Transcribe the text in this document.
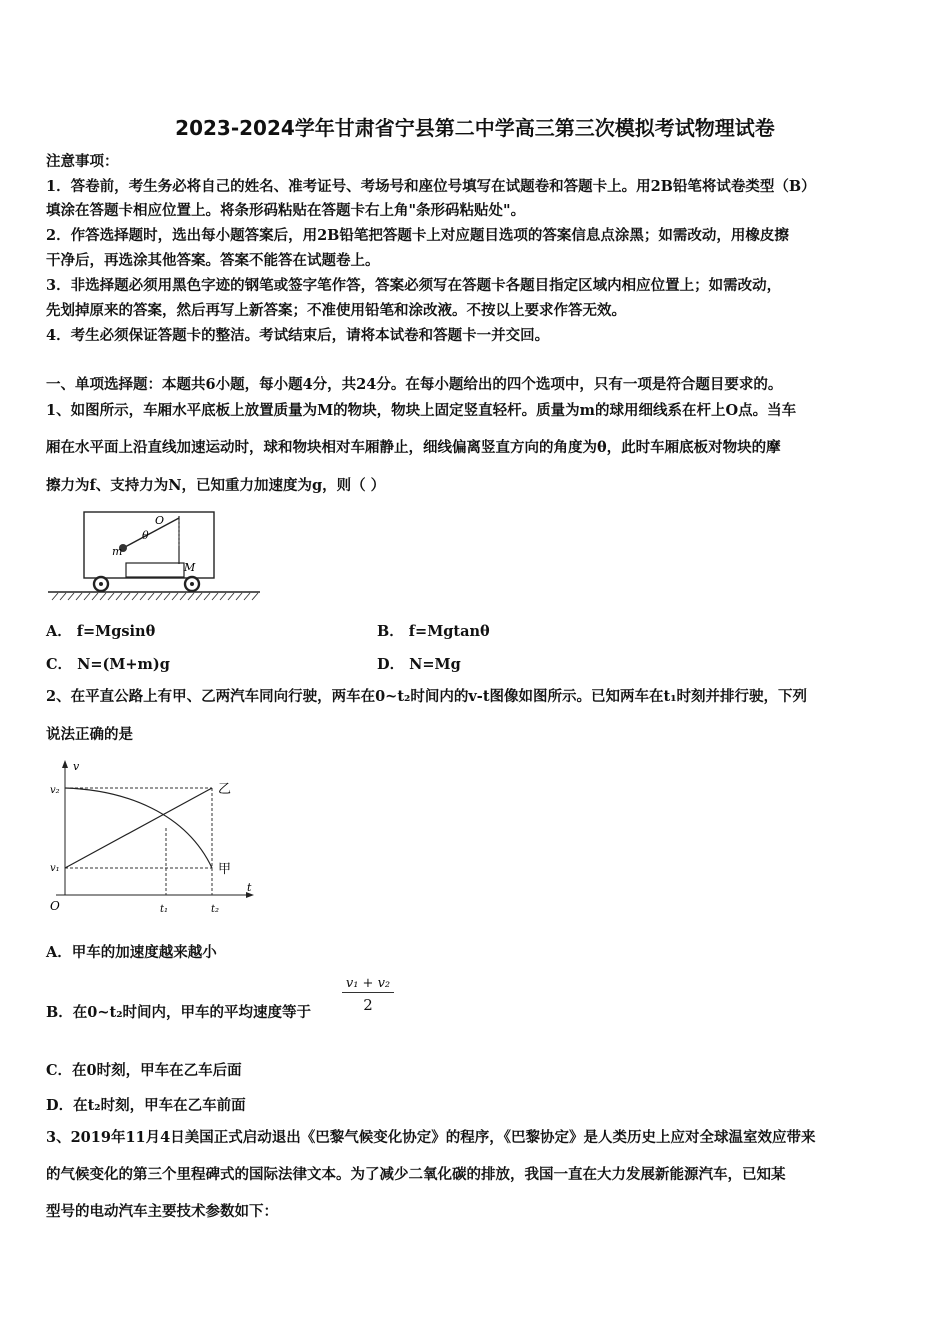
2023-2024学年甘肃省宁县第二中学高三第三次模拟考试物理试卷
注意事项：
1．答卷前，考生务必将自己的姓名、准考证号、考场号和座位号填写在试题卷和答题卡上。用2B铅笔将试卷类型（B）
填涂在答题卡相应位置上。将条形码粘贴在答题卡右上角"条形码粘贴处"。
2．作答选择题时，选出每小题答案后，用2B铅笔把答题卡上对应题目选项的答案信息点涂黑；如需改动，用橡皮擦
干净后，再选涂其他答案。答案不能答在试题卷上。
3．非选择题必须用黑色字迹的钢笔或签字笔作答，答案必须写在答题卡各题目指定区域内相应位置上；如需改动，
先划掉原来的答案，然后再写上新答案；不准使用铅笔和涂改液。不按以上要求作答无效。
4．考生必须保证答题卡的整洁。考试结束后，请将本试卷和答题卡一并交回。
一、单项选择题：本题共6小题，每小题4分，共24分。在每小题给出的四个选项中，只有一项是符合题目要求的。
1、如图所示，车厢水平底板上放置质量为M的物块，物块上固定竖直轻杆。质量为m的球用细线系在杆上O点。当车
厢在水平面上沿直线加速运动时，球和物块相对车厢静止，细线偏离竖直方向的角度为θ，此时车厢底板对物块的摩
擦力为f、支持力为N，已知重力加速度为g，则（ ）
O
θ
m
M
A． f=Mgsinθ	B． f=Mgtanθ
C． N=(M+m)g	D． N=Mg
2、在平直公路上有甲、乙两汽车同向行驶，两车在0~t₂时间内的v-t图像如图所示。已知两车在t₁时刻并排行驶，下列
说法正确的是
v
t
O
v₂
v₁
t₁	t₂
乙
甲
A．甲车的加速度越来越小
B．在0~t₂时间内，甲车的平均速度等于 $\frac{\text{v₁ + v₂}}{2}$
C．在0时刻，甲车在乙车后面
D．在t₂时刻，甲车在乙车前面
3、2019年11月4日美国正式启动退出《巴黎气候变化协定》的程序，《巴黎协定》是人类历史上应对全球温室效应带来
的气候变化的第三个里程碑式的国际法律文本。为了减少二氧化碳的排放，我国一直在大力发展新能源汽车，已知某
型号的电动汽车主要技术参数如下：
